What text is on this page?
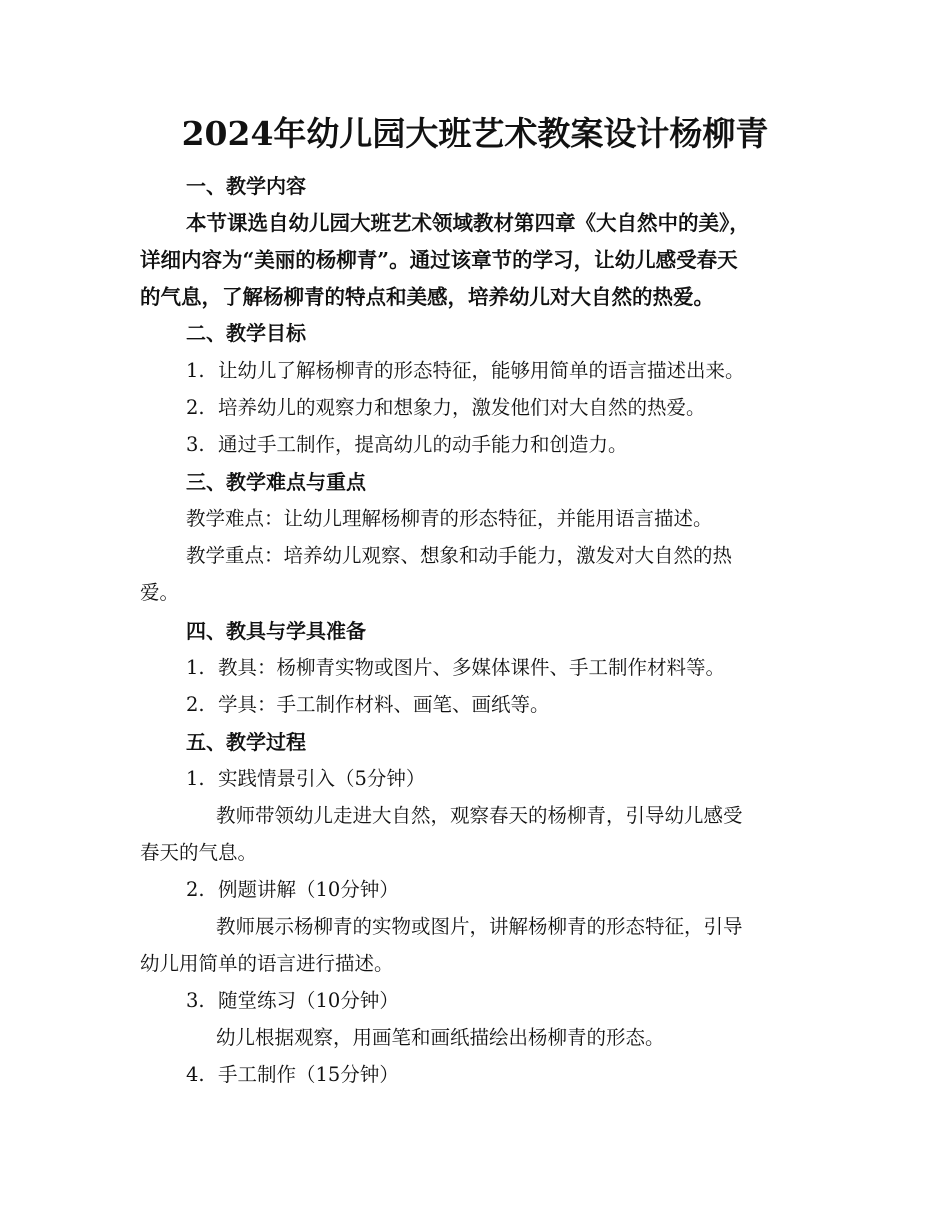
2024年幼儿园大班艺术教案设计杨柳青

一、教学内容

本节课选自幼儿园大班艺术领域教材第四章《大自然中的美》，

详细内容为“美丽的杨柳青”。通过该章节的学习，让幼儿感受春天

的气息，了解杨柳青的特点和美感，培养幼儿对大自然的热爱。

二、教学目标

1. 让幼儿了解杨柳青的形态特征，能够用简单的语言描述出来。

2. 培养幼儿的观察力和想象力，激发他们对大自然的热爱。

3. 通过手工制作，提高幼儿的动手能力和创造力。

三、教学难点与重点

教学难点：让幼儿理解杨柳青的形态特征，并能用语言描述。

教学重点：培养幼儿观察、想象和动手能力，激发对大自然的热

爱。

四、教具与学具准备

1. 教具：杨柳青实物或图片、多媒体课件、手工制作材料等。

2. 学具：手工制作材料、画笔、画纸等。

五、教学过程

1. 实践情景引入（5分钟）

教师带领幼儿走进大自然，观察春天的杨柳青，引导幼儿感受

春天的气息。

2. 例题讲解（10分钟）

教师展示杨柳青的实物或图片，讲解杨柳青的形态特征，引导

幼儿用简单的语言进行描述。

3. 随堂练习（10分钟）

幼儿根据观察，用画笔和画纸描绘出杨柳青的形态。

4. 手工制作（15分钟）
